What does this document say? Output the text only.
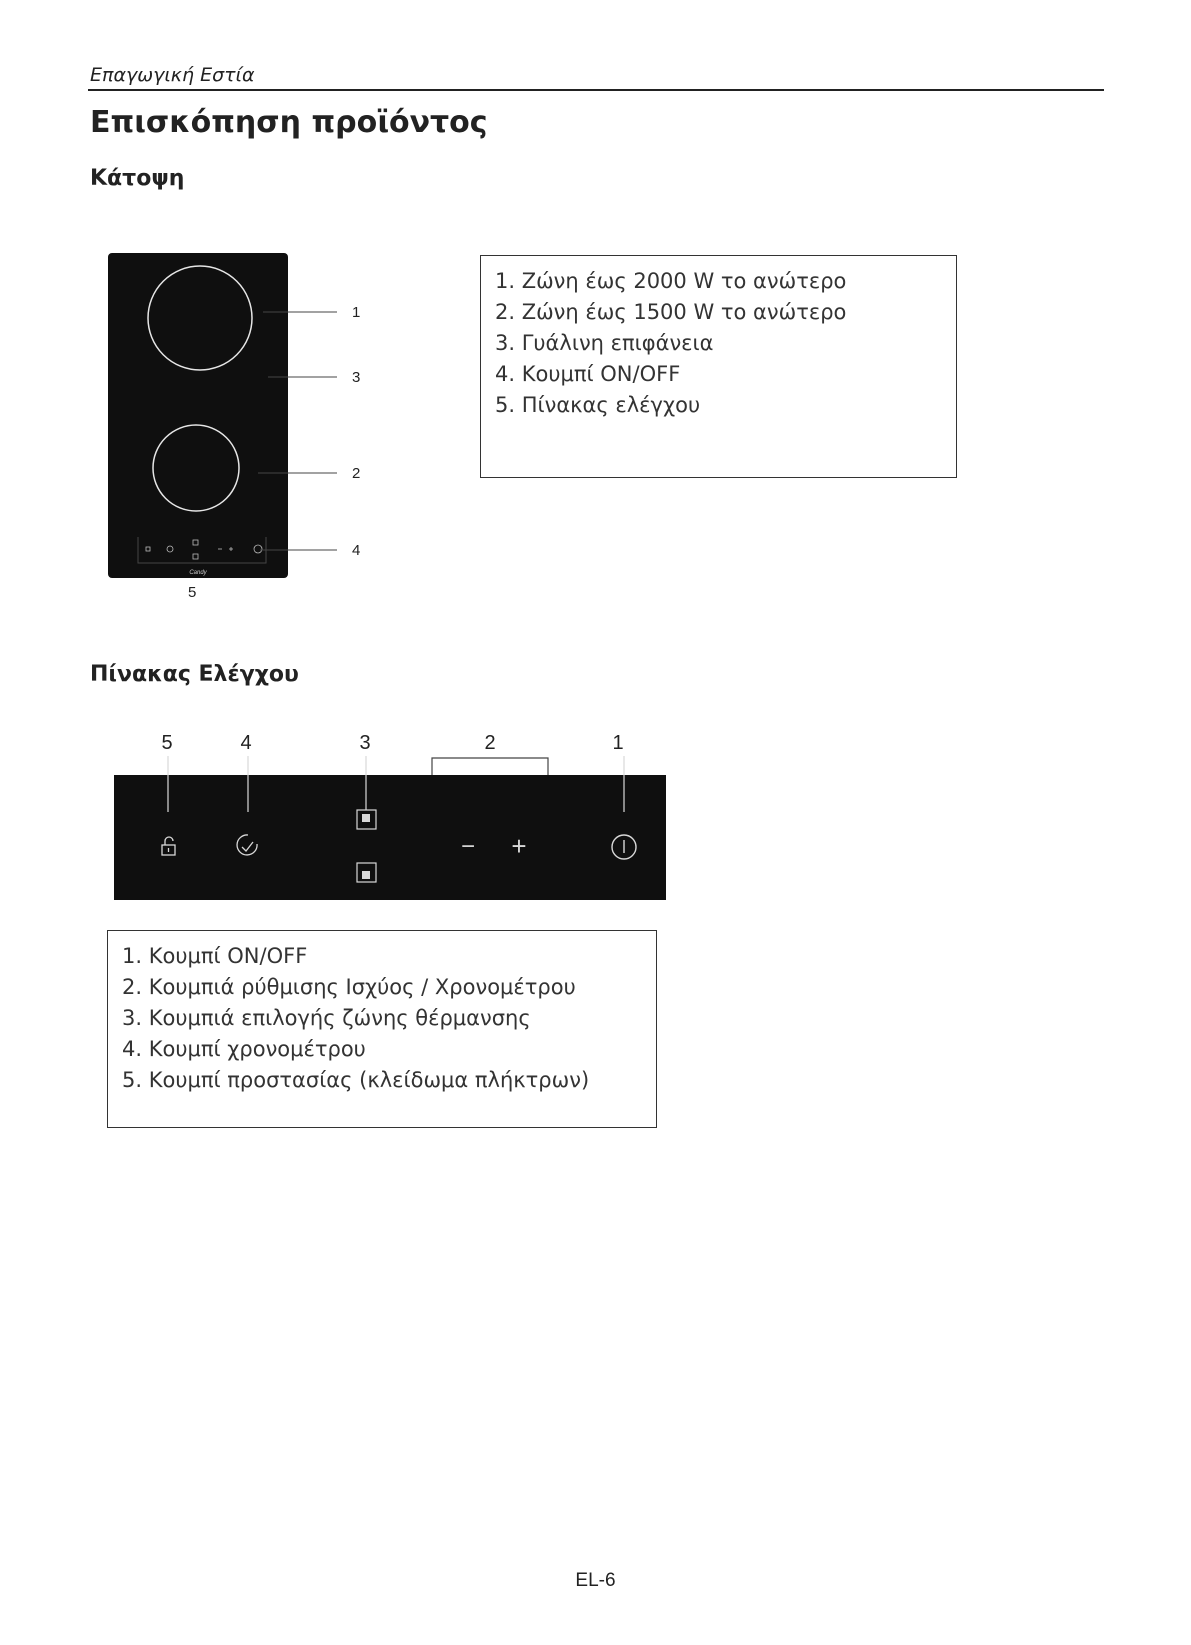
Επαγωγική Εστία
Επισκόπηση προϊόντος
Κάτοψη
Candy
1
3
2
4
5
1. Ζώνη έως 2000 W το ανώτερο
2. Ζώνη έως 1500 W το ανώτερο
3. Γυάλινη επιφάνεια
4. Κουμπί ON/OFF
5. Πίνακας ελέγχου
Πίνακας Ελέγχου
5	4	3	2	1
− +
1. Κουμπί ON/OFF
2. Κουμπιά ρύθμισης Ισχύος / Χρονομέτρου
3. Κουμπιά επιλογής ζώνης θέρμανσης
4. Κουμπί χρονομέτρου
5. Κουμπί προστασίας (κλείδωμα πλήκτρων)
EL-6
